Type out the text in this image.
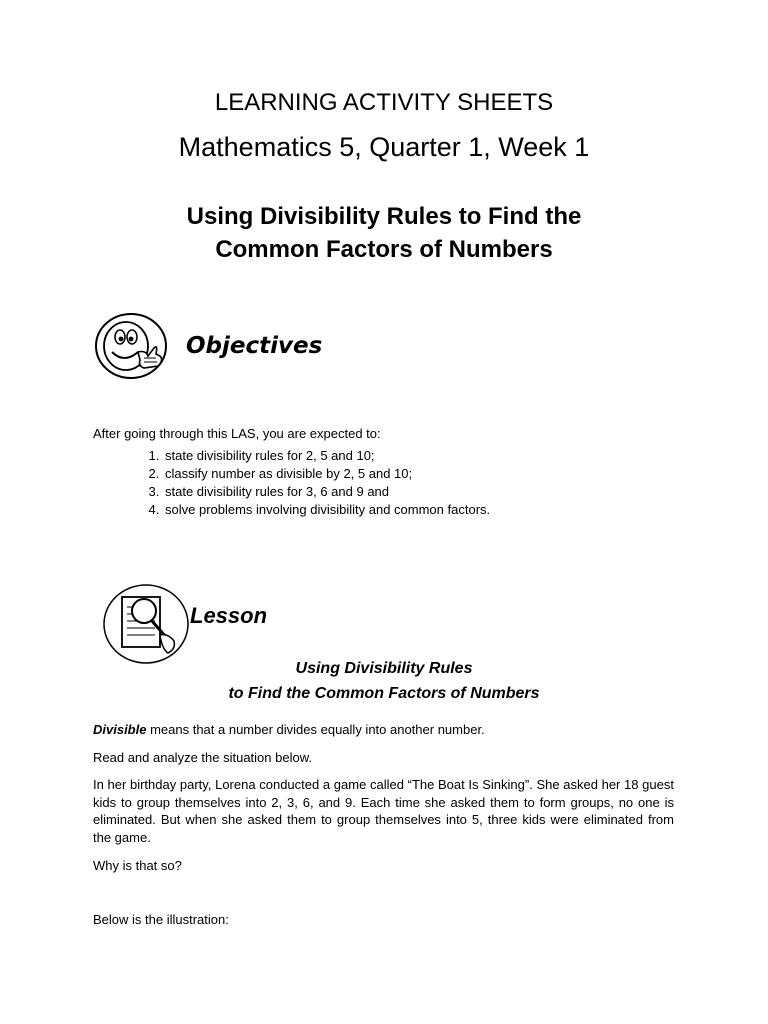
LEARNING ACTIVITY SHEETS
Mathematics 5, Quarter 1, Week 1
Using Divisibility Rules to Find the
Common Factors of Numbers
Objectives
After going through this LAS, you are expected to:
1. state divisibility rules for 2, 5 and 10;
2. classify number as divisible by 2, 5 and 10;
3. state divisibility rules for 3, 6 and 9 and
4. solve problems involving divisibility and common factors.
Lesson
Using Divisibility Rules
to Find the Common Factors of Numbers
Divisible means that a number divides equally into another number.
Read and analyze the situation below.
In her birthday party, Lorena conducted a game called “The Boat Is Sinking”. She asked her 18 guest kids to group themselves into 2, 3, 6, and 9. Each time she asked them to form groups, no one is eliminated. But when she asked them to group themselves into 5, three kids were eliminated from the game.
Why is that so?
Below is the illustration:
